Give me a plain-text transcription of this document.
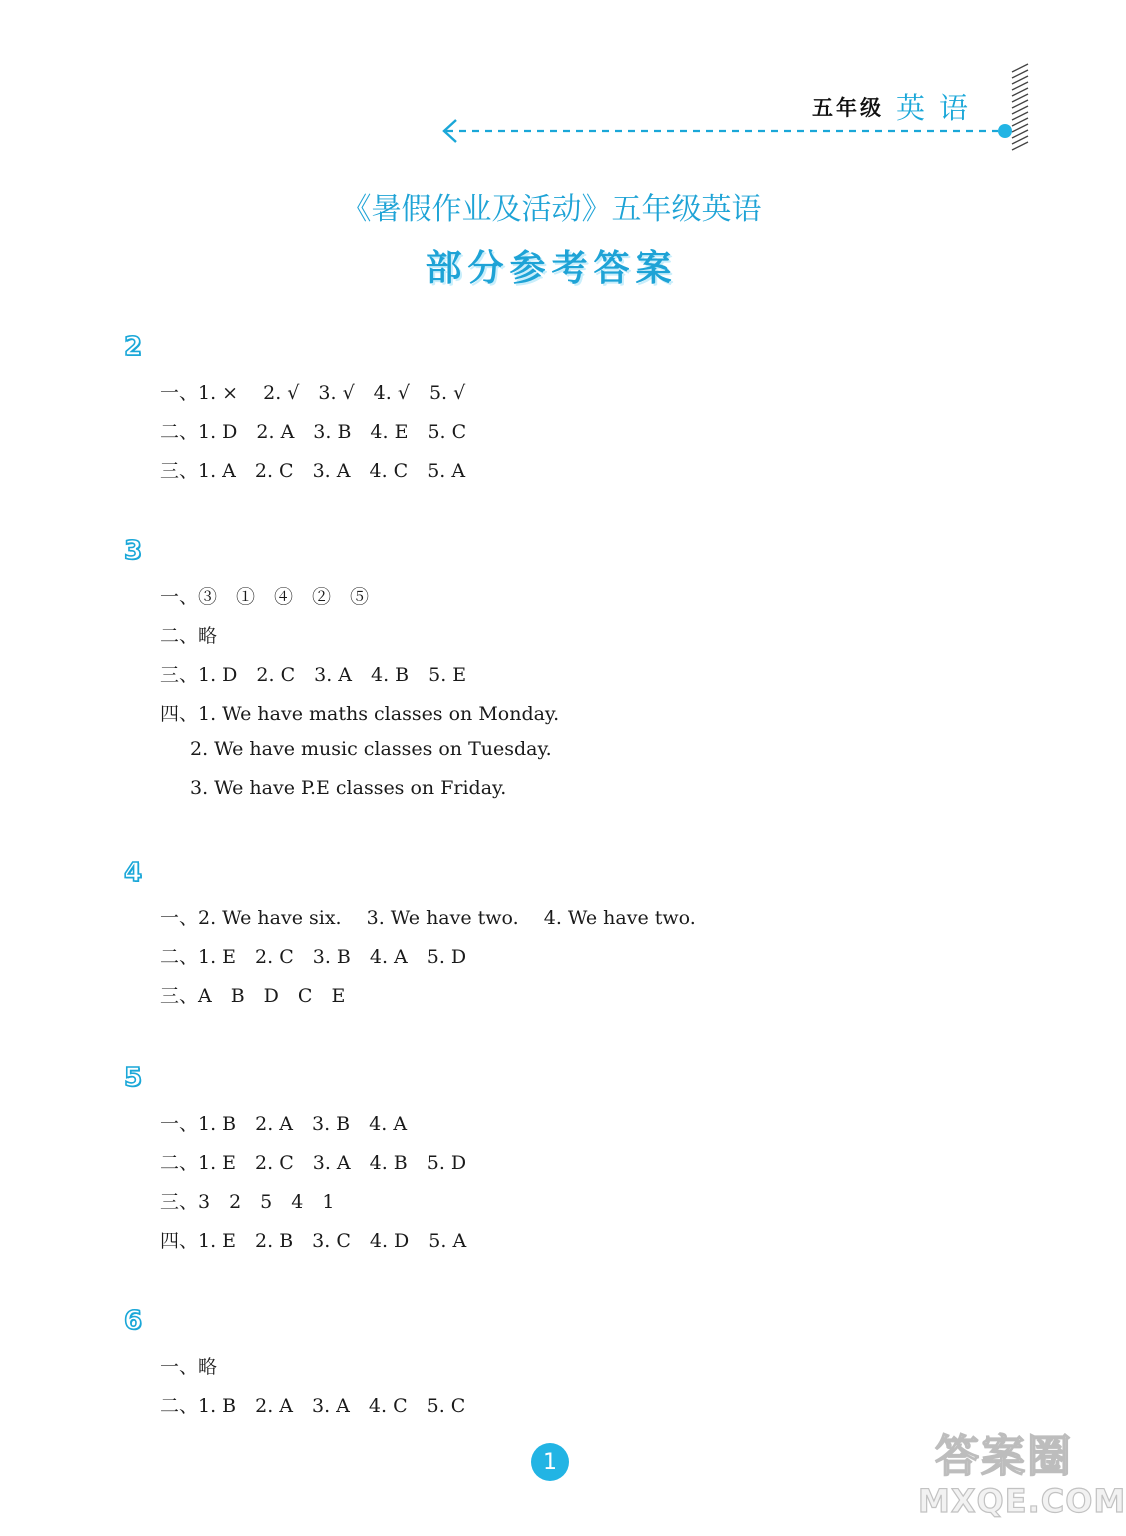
五年级 英语
《暑假作业及活动》五年级英语
部分参考答案
2
一、1. ×　 2. √　3. √　4. √　5. √
二、1. D　2. A　3. B　4. E　5. C
三、1. A　2. C　3. A　4. C　5. A
3
一、③　①　④　②　⑤
二、略
三、1. D　2. C　3. A　4. B　5. E
四、1. We have maths classes on Monday.
2. We have music classes on Tuesday.
3. We have P.E classes on Friday.
4
一、2. We have six.　 3. We have two.　 4. We have two.
二、1. E　2. C　3. B　4. A　5. D
三、A　B　D　C　E
5
一、1. B　2. A　3. B　4. A
二、1. E　2. C　3. A　4. B　5. D
三、3　2　5　4　1
四、1. E　2. B　3. C　4. D　5. A
6
一、略
二、1. B　2. A　3. A　4. C　5. C
1	答案圈
MXQE.COM
